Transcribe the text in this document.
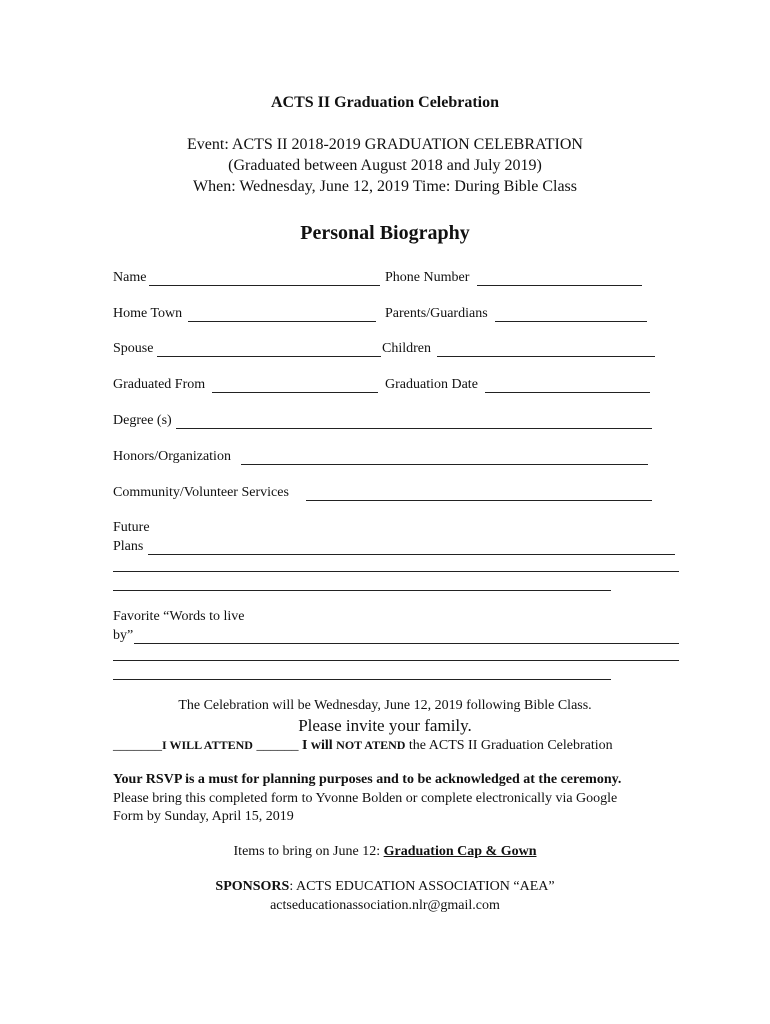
ACTS II Graduation Celebration
Event: ACTS II 2018-2019 GRADUATION CELEBRATION
(Graduated between August 2018 and July 2019)
When: Wednesday, June 12, 2019 Time: During Bible Class
Personal Biography
Name	Phone Number
Home Town	Parents/Guardians
Spouse	Children
Graduated From	Graduation Date
Degree (s)
Honors/Organization
Community/Volunteer Services
Future
Plans
Favorite “Words to live
by”
The Celebration will be Wednesday, June 12, 2019 following Bible Class.
Please invite your family.
_______I WILL ATTEND ______ I will NOT ATEND the ACTS II Graduation Celebration
Your RSVP is a must for planning purposes and to be acknowledged at the ceremony.
Please bring this completed form to Yvonne Bolden or complete electronically via Google
Form by Sunday, April 15, 2019
Items to bring on June 12: Graduation Cap & Gown
SPONSORS: ACTS EDUCATION ASSOCIATION “AEA”
actseducationassociation.nlr@gmail.com
